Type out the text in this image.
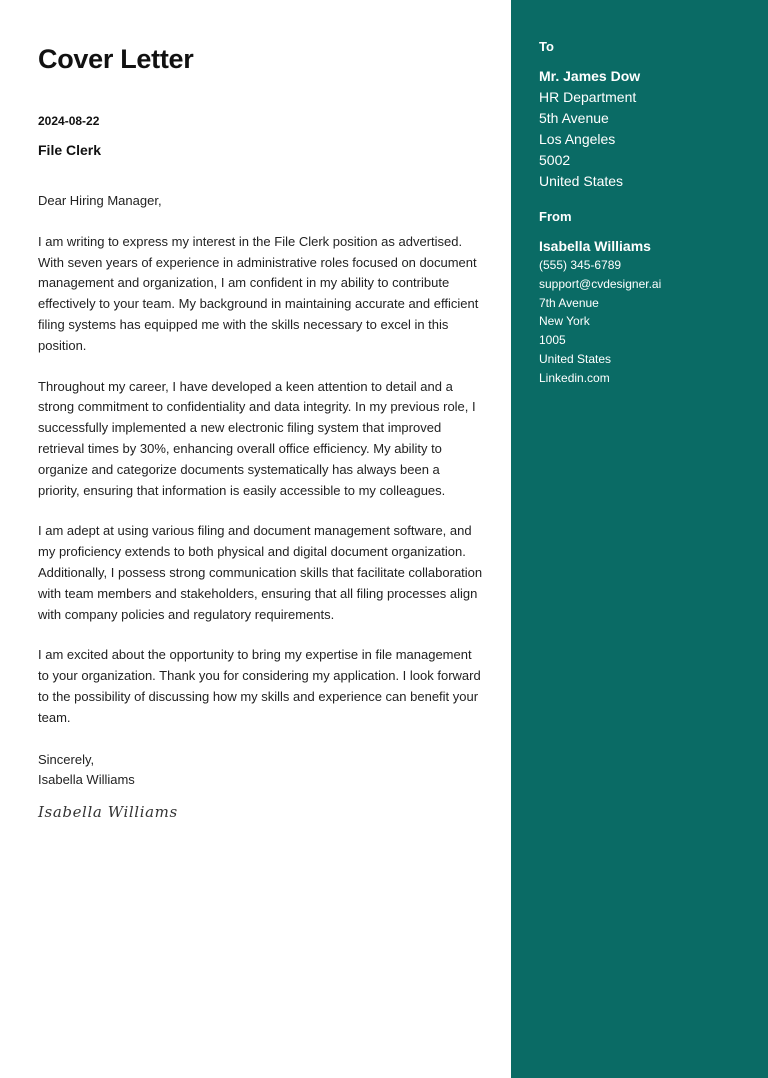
Cover Letter
2024-08-22
File Clerk
Dear Hiring Manager,
I am writing to express my interest in the File Clerk position as advertised. With seven years of experience in administrative roles focused on document management and organization, I am confident in my ability to contribute effectively to your team. My background in maintaining accurate and efficient filing systems has equipped me with the skills necessary to excel in this position.
Throughout my career, I have developed a keen attention to detail and a strong commitment to confidentiality and data integrity. In my previous role, I successfully implemented a new electronic filing system that improved retrieval times by 30%, enhancing overall office efficiency. My ability to organize and categorize documents systematically has always been a priority, ensuring that information is easily accessible to my colleagues.
I am adept at using various filing and document management software, and my proficiency extends to both physical and digital document organization. Additionally, I possess strong communication skills that facilitate collaboration with team members and stakeholders, ensuring that all filing processes align with company policies and regulatory requirements.
I am excited about the opportunity to bring my expertise in file management to your organization. Thank you for considering my application. I look forward to the possibility of discussing how my skills and experience can benefit your team.
Sincerely,
Isabella Williams
Isabella Williams
To
Mr. James Dow
HR Department
5th Avenue
Los Angeles
5002
United States
From
Isabella Williams
(555) 345-6789
support@cvdesigner.ai
7th Avenue
New York
1005
United States
Linkedin.com
